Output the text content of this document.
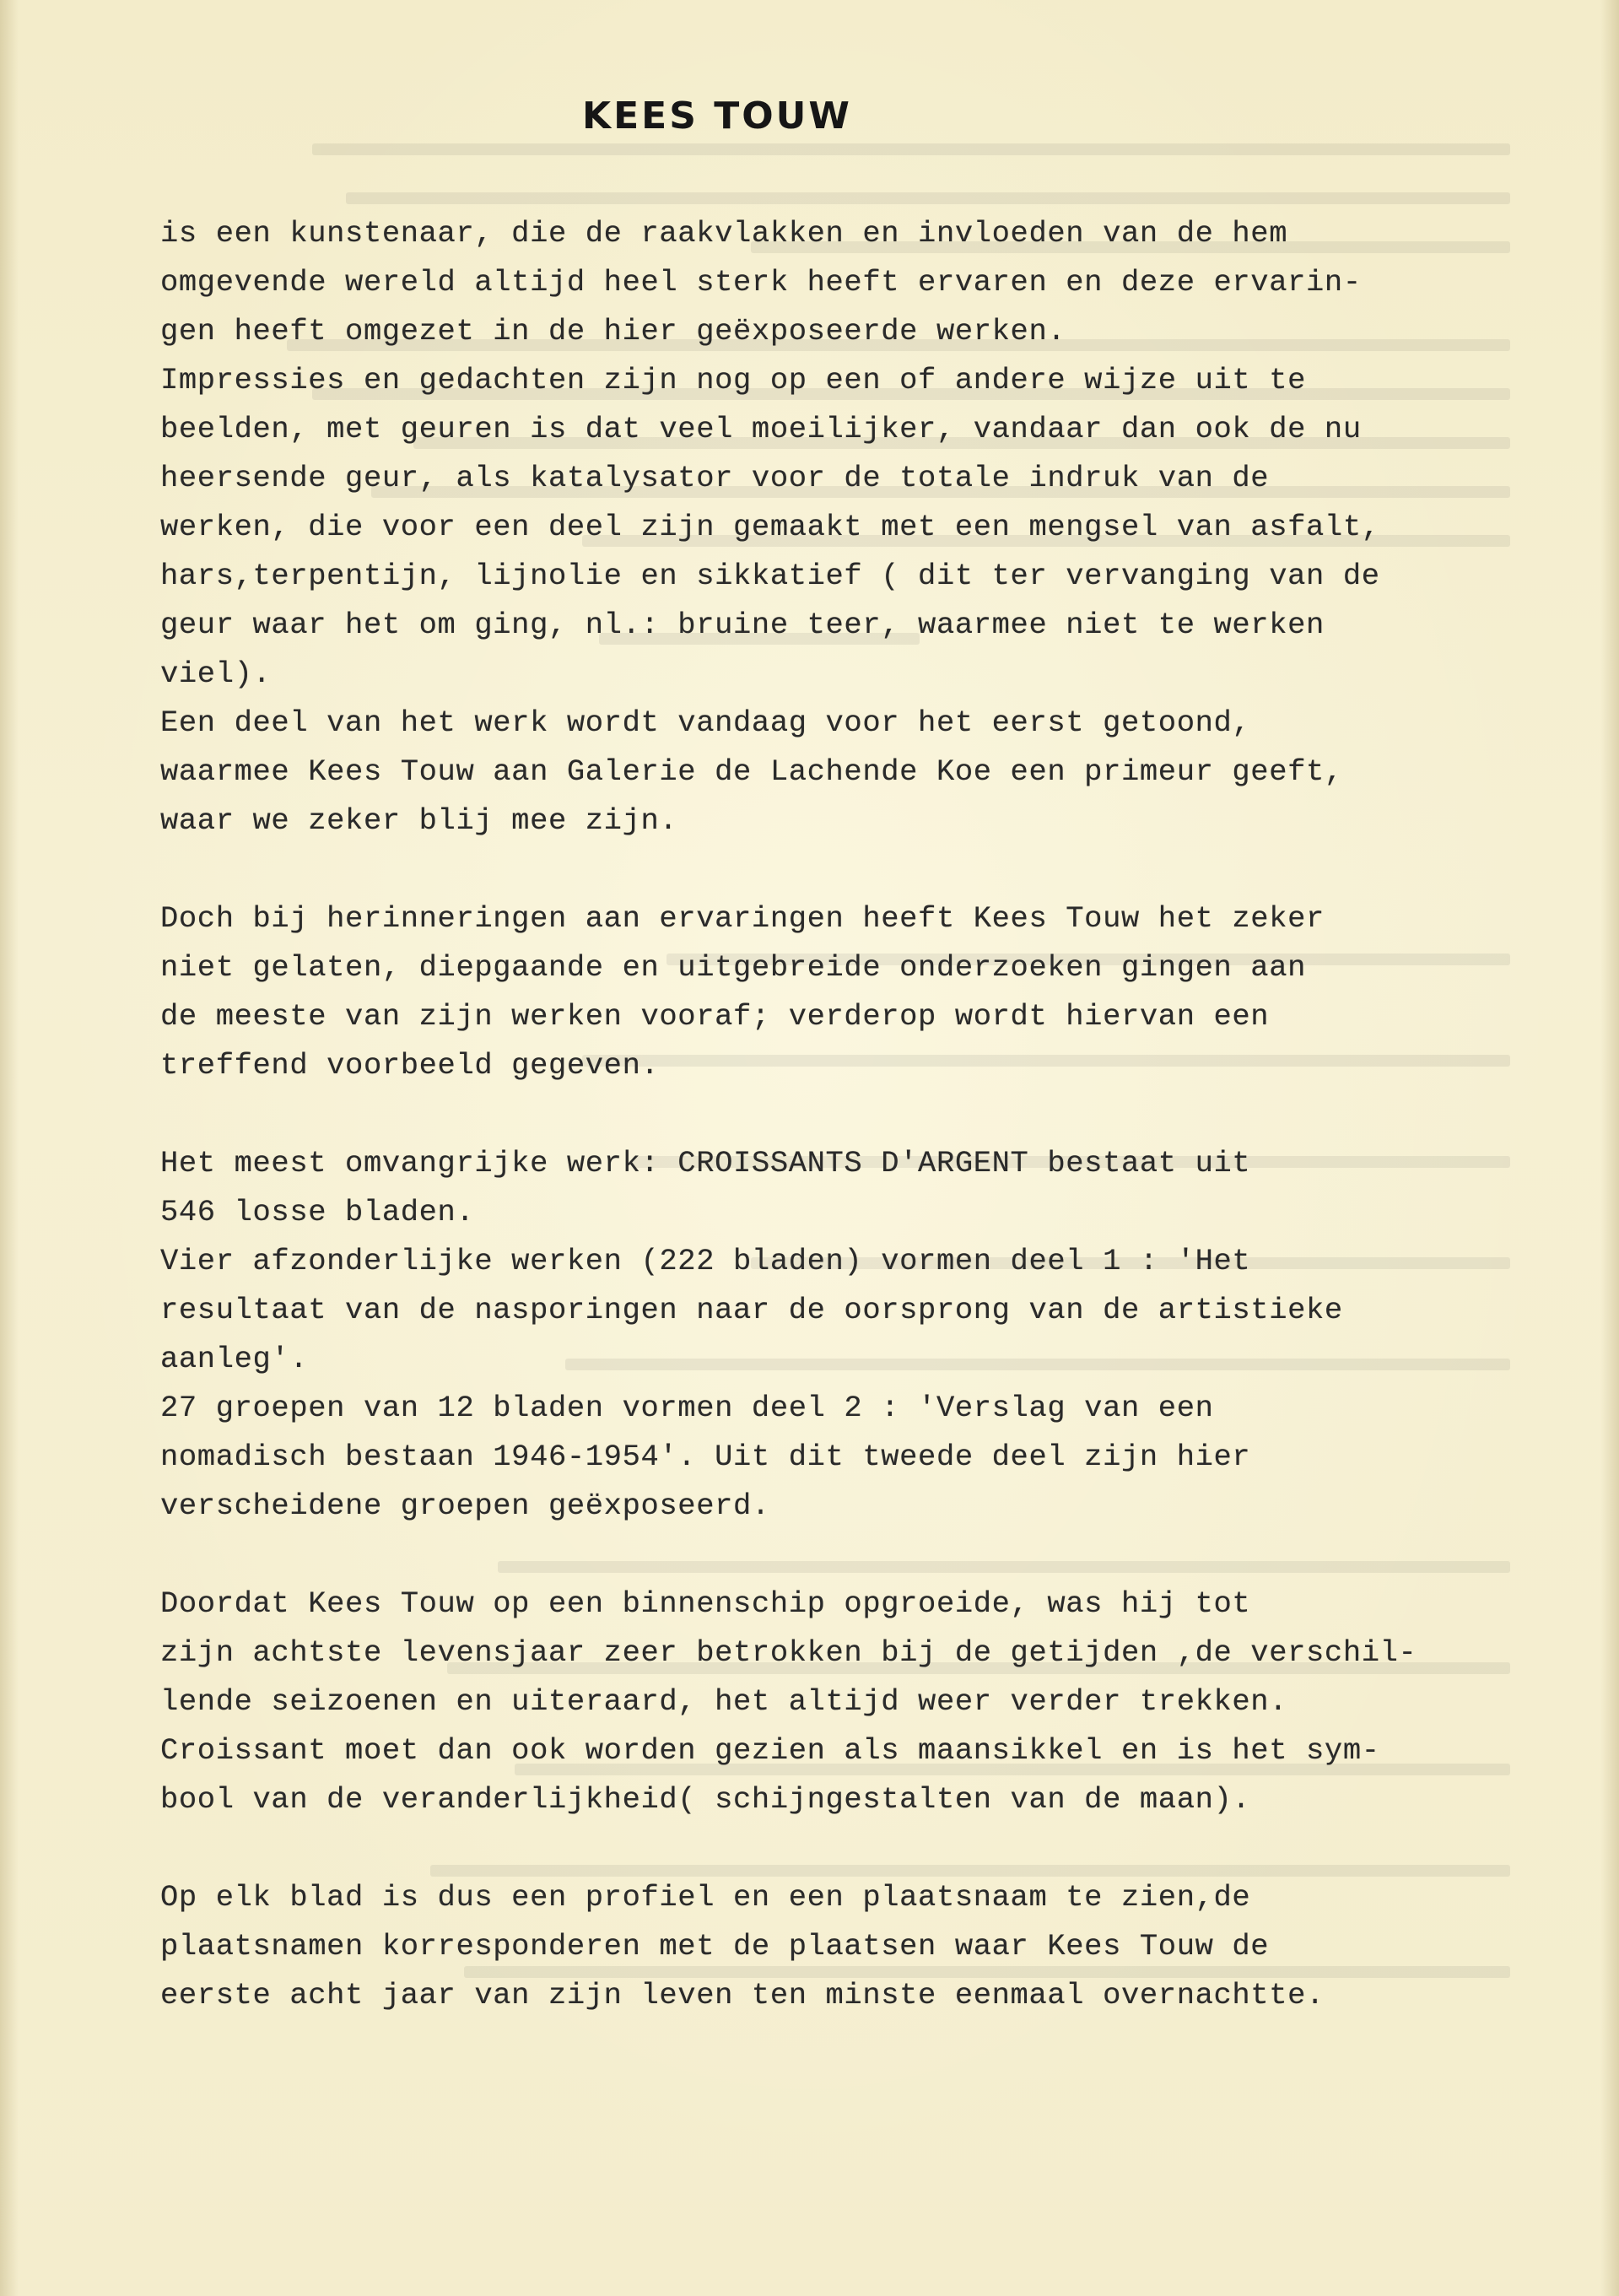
KEES TOUW
is een kunstenaar, die de raakvlakken en invloeden van de hem
omgevende wereld altijd heel sterk heeft ervaren en deze ervarin-
gen heeft omgezet in de hier geëxposeerde werken.
Impressies en gedachten zijn nog op een of andere wijze uit te
beelden, met geuren is dat veel moeilijker, vandaar dan ook de nu
heersende geur, als katalysator voor de totale indruk van de
werken, die voor een deel zijn gemaakt met een mengsel van asfalt,
hars,terpentijn, lijnolie en sikkatief ( dit ter vervanging van de
geur waar het om ging, nl.: bruine teer, waarmee niet te werken
viel).
Een deel van het werk wordt vandaag voor het eerst getoond,
waarmee Kees Touw aan Galerie de Lachende Koe een primeur geeft,
waar we zeker blij mee zijn.
Doch bij herinneringen aan ervaringen heeft Kees Touw het zeker
niet gelaten, diepgaande en uitgebreide onderzoeken gingen aan
de meeste van zijn werken vooraf; verderop wordt hiervan een
treffend voorbeeld gegeven.
Het meest omvangrijke werk: CROISSANTS D'ARGENT bestaat uit
546 losse bladen.
Vier afzonderlijke werken (222 bladen) vormen deel 1 : 'Het
resultaat van de nasporingen naar de oorsprong van de artistieke
aanleg'.
27 groepen van 12 bladen vormen deel 2 : 'Verslag van een
nomadisch bestaan 1946-1954'. Uit dit tweede deel zijn hier
verscheidene groepen geëxposeerd.
Doordat Kees Touw op een binnenschip opgroeide, was hij tot
zijn achtste levensjaar zeer betrokken bij de getijden ,de verschil-
lende seizoenen en uiteraard, het altijd weer verder trekken.
Croissant moet dan ook worden gezien als maansikkel en is het sym-
bool van de veranderlijkheid( schijngestalten van de maan).
Op elk blad is dus een profiel en een plaatsnaam te zien,de
plaatsnamen korresponderen met de plaatsen waar Kees Touw de
eerste acht jaar van zijn leven ten minste eenmaal overnachtte.
